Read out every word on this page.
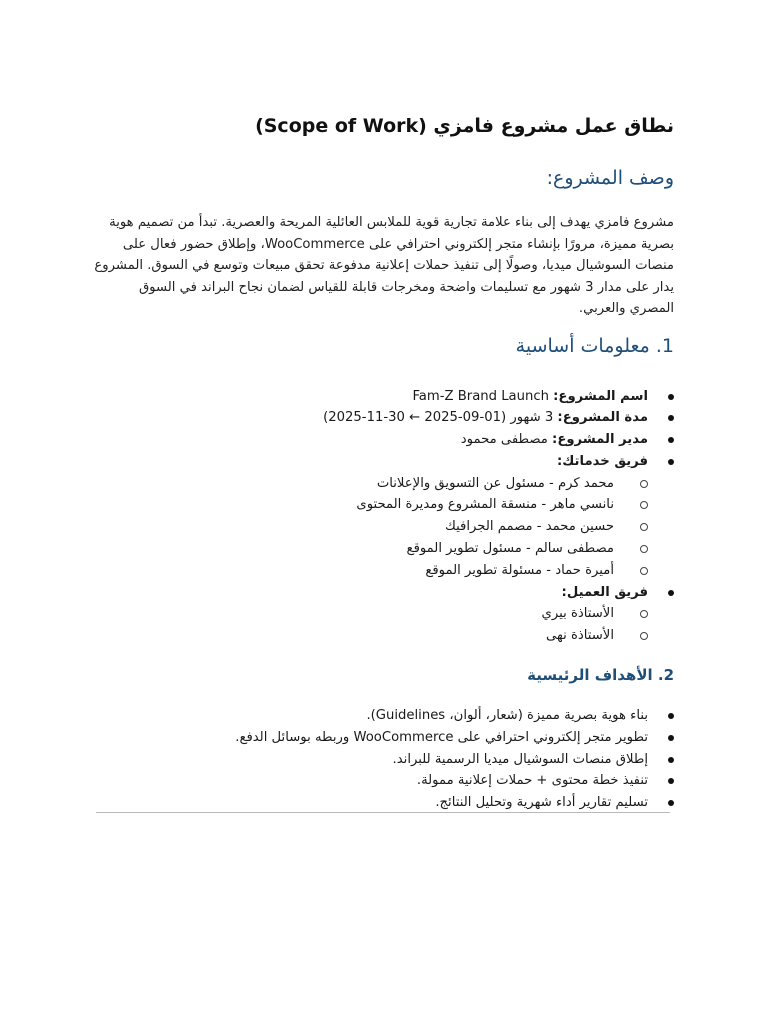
نطاق عمل مشروع فامزي (Scope of Work)
وصف المشروع:

مشروع فامزي يهدف إلى بناء علامة تجارية قوية للملابس العائلية المريحة والعصرية. تبدأ من تصميم هوية بصرية مميزة، مرورًا بإنشاء متجر إلكتروني احترافي على WooCommerce، وإطلاق حضور فعال على منصات السوشيال ميديا، وصولًا إلى تنفيذ حملات إعلانية مدفوعة تحقق مبيعات وتوسع في السوق. المشروع يدار على مدار 3 شهور مع تسليمات واضحة ومخرجات قابلة للقياس لضمان نجاح البراند في السوق المصري والعربي.

1. معلومات أساسية
اسم المشروع: Fam-Z Brand Launch
مدة المشروع: 3 شهور (01-09-2025 ← 30-11-2025)
مدير المشروع: مصطفى محمود
فريق خدماتك:
محمد كرم - مسئول عن التسويق والإعلانات
نانسي ماهر - منسقة المشروع ومديرة المحتوى
حسين محمد - مصمم الجرافيك
مصطفى سالم - مسئول تطوير الموقع
أميرة حماد - مسئولة تطوير الموقع
فريق العميل:
الأستاذة بيري
الأستاذة نهى
2. الأهداف الرئيسية
بناء هوية بصرية مميزة (شعار، ألوان، Guidelines).
تطوير متجر إلكتروني احترافي على WooCommerce وربطه بوسائل الدفع.
إطلاق منصات السوشيال ميديا الرسمية للبراند.
تنفيذ خطة محتوى + حملات إعلانية ممولة.
تسليم تقارير أداء شهرية وتحليل النتائج.
